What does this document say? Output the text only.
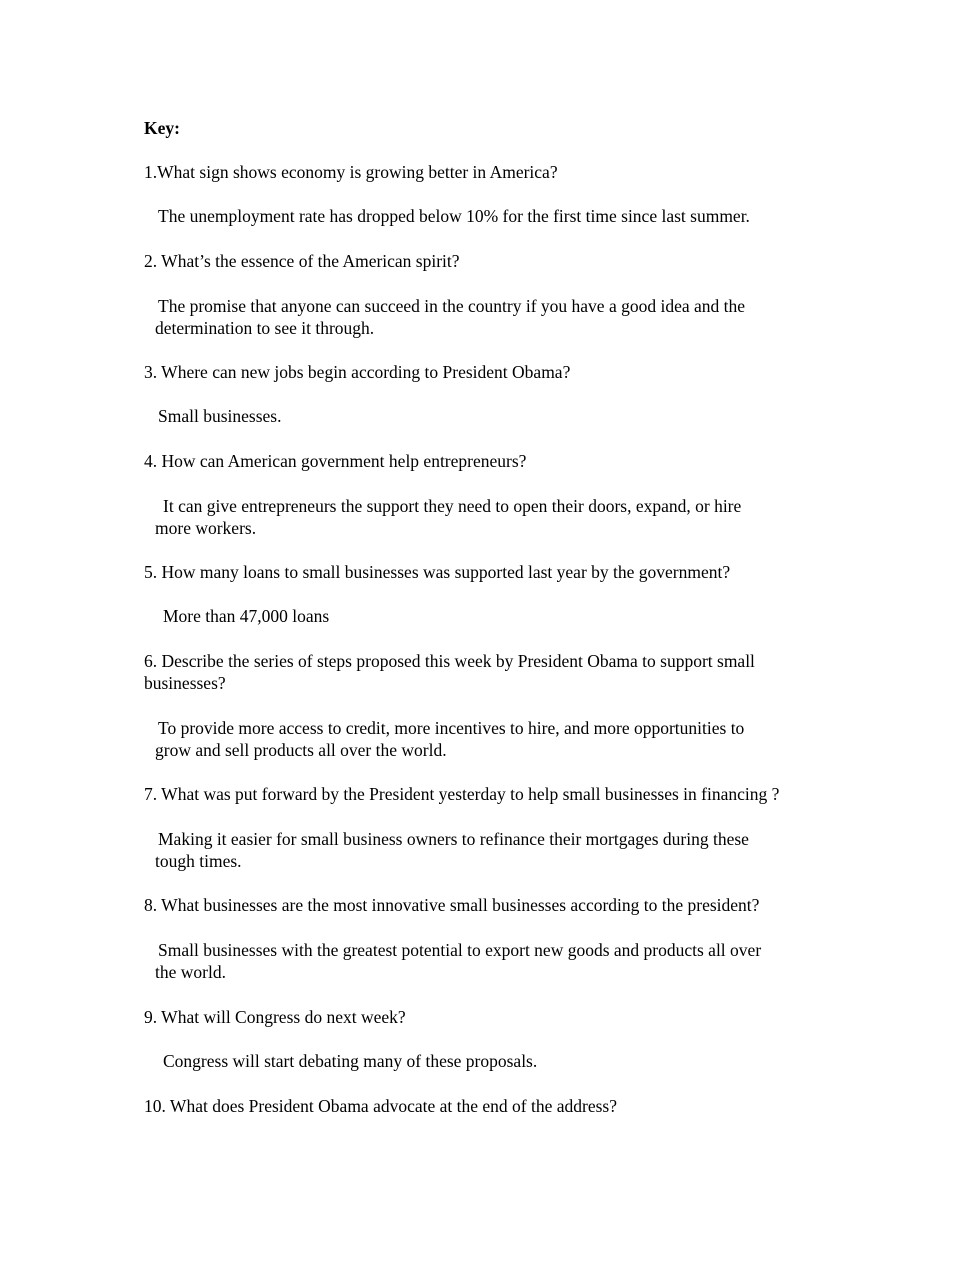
Key:
1.What sign shows economy is growing better in America?
The unemployment rate has dropped below 10% for the first time since last summer.
2. What’s the essence of the American spirit?
The promise that anyone can succeed in the country if you have a good idea and the
determination to see it through.
3. Where can new jobs begin according to President Obama?
Small businesses.
4. How can American government help entrepreneurs?
It can give entrepreneurs the support they need to open their doors, expand, or hire
more workers.
5. How many loans to small businesses was supported last year by the government?
More than 47,000 loans
6. Describe the series of steps proposed this week by President Obama to support small
businesses?
To provide more access to credit, more incentives to hire, and more opportunities to
grow and sell products all over the world.
7. What was put forward by the President yesterday to help small businesses in financing ?
Making it easier for small business owners to refinance their mortgages during these
tough times.
8. What businesses are the most innovative small businesses according to the president?
Small businesses with the greatest potential to export new goods and products all over
the world.
9. What will Congress do next week?
Congress will start debating many of these proposals.
10. What does President Obama advocate at the end of the address?
